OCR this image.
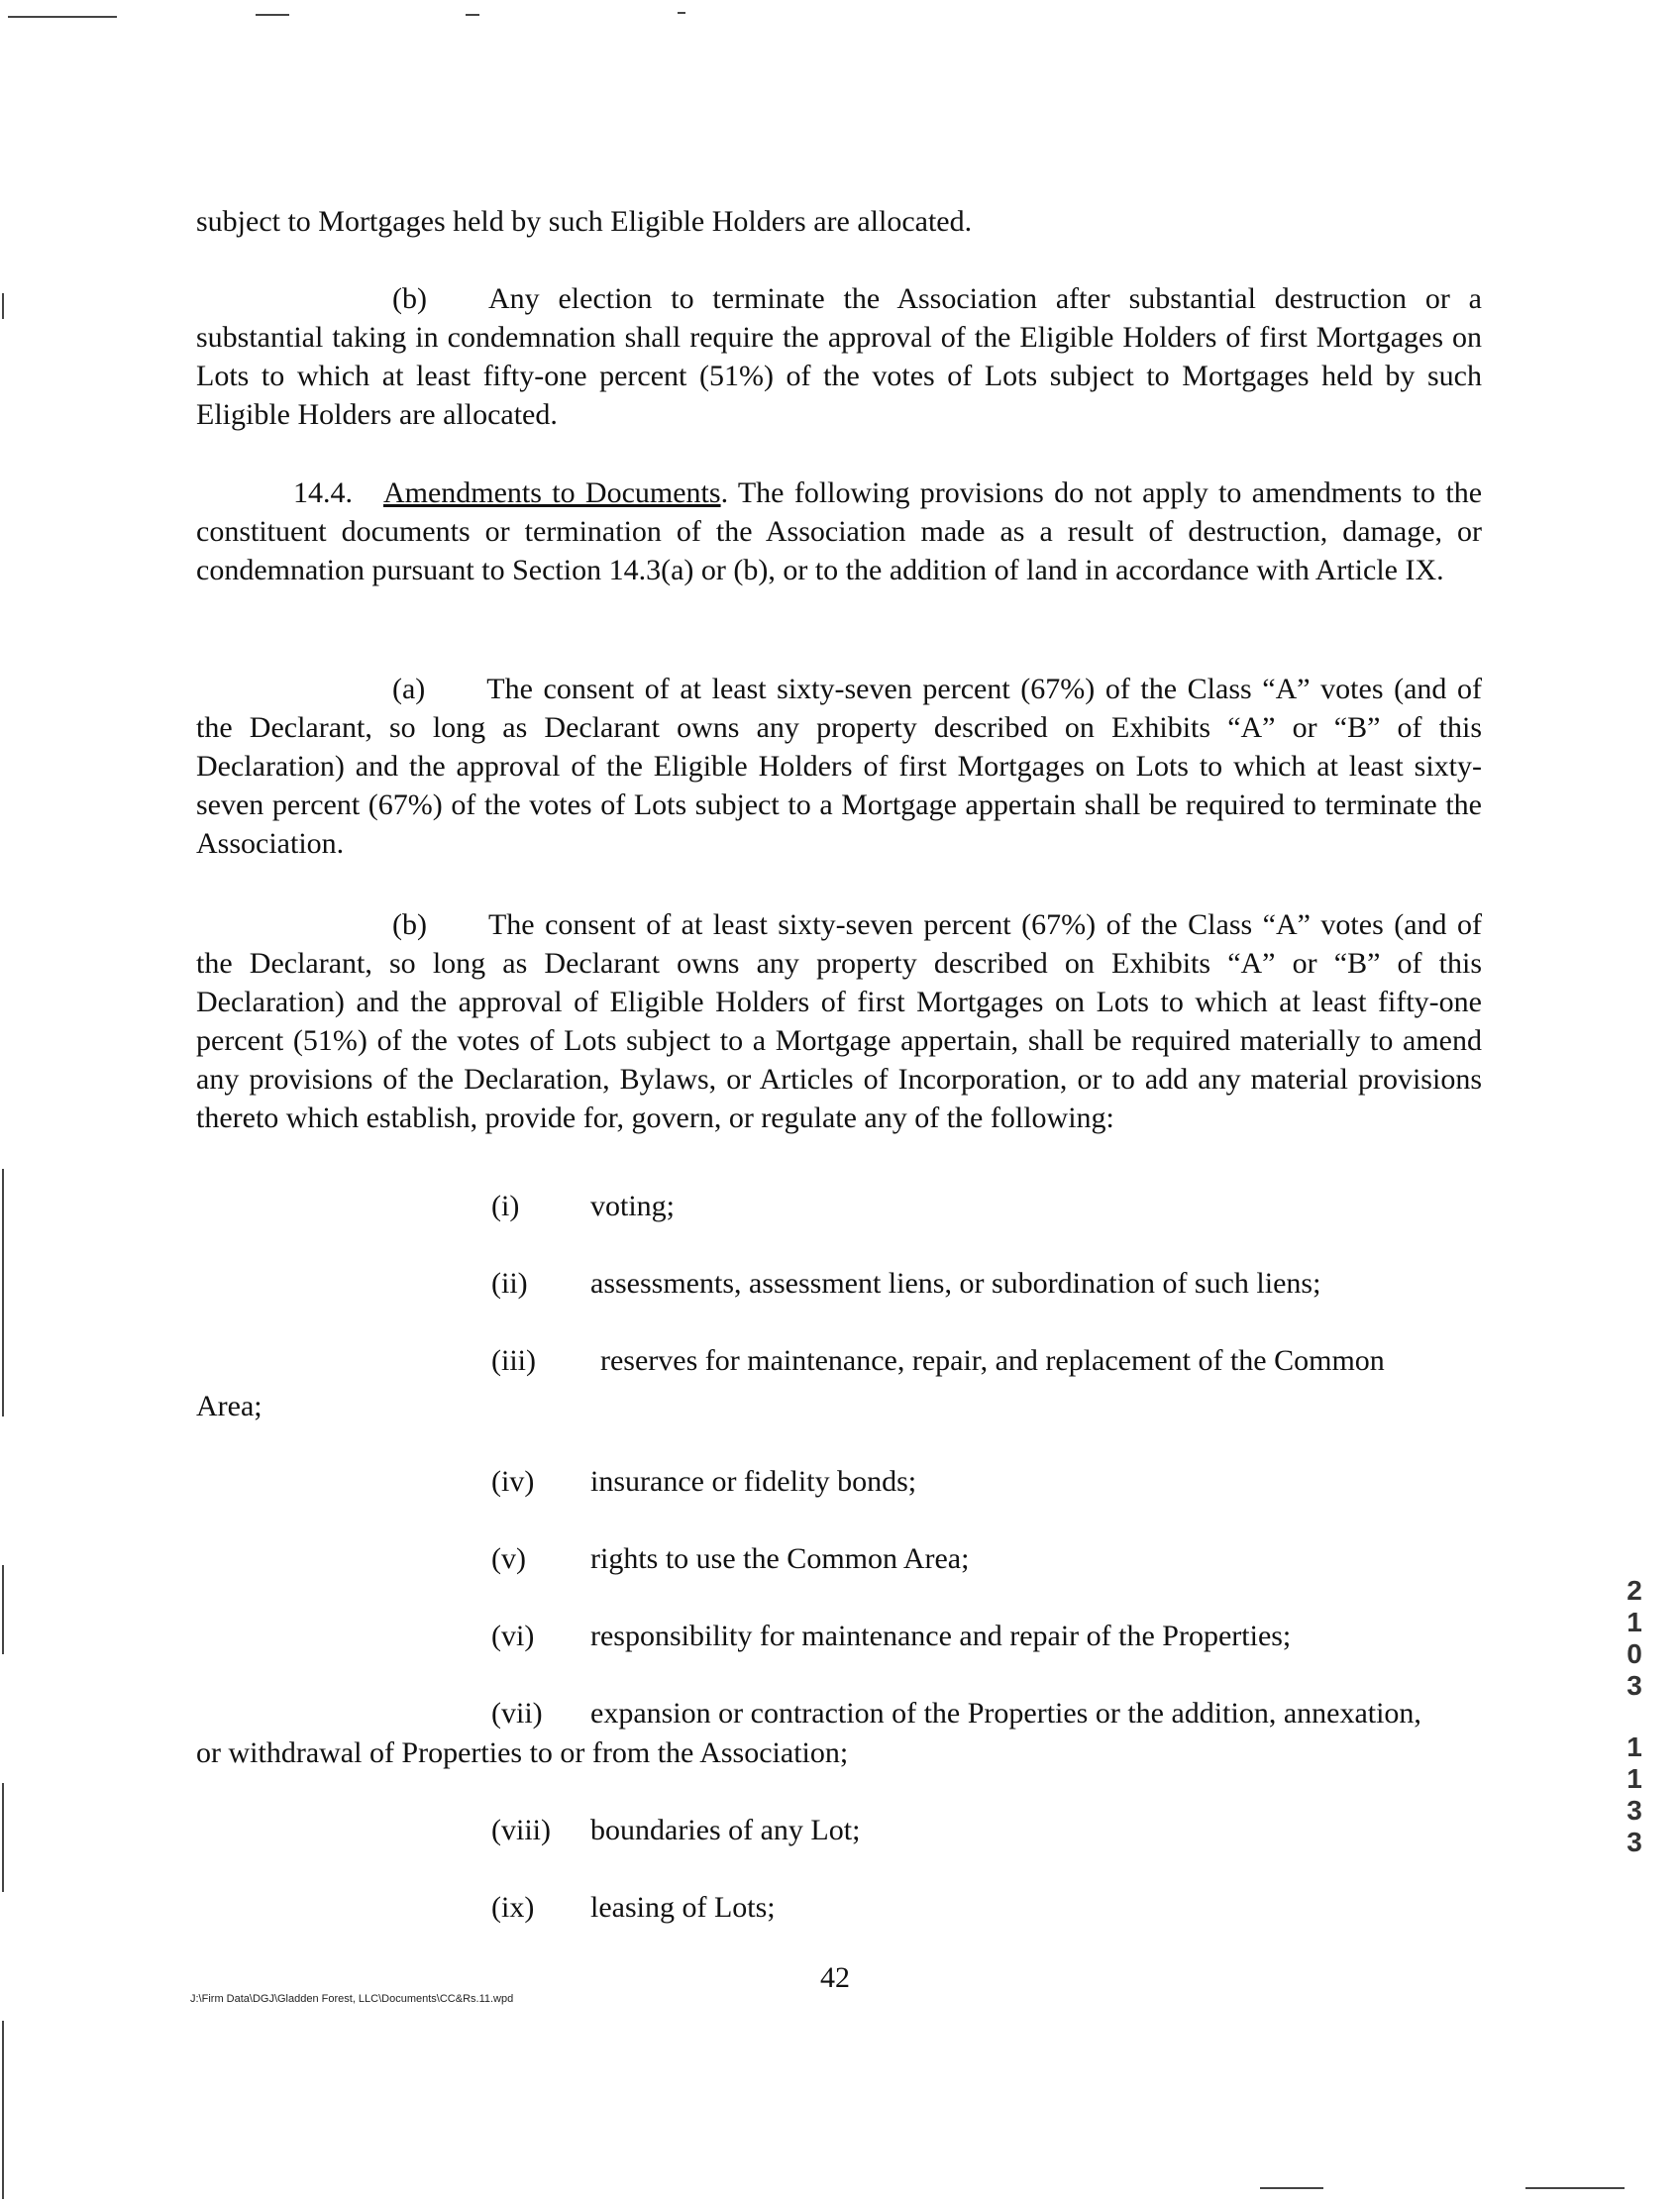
subject to Mortgages held by such Eligible Holders are allocated.

(b) Any election to terminate the Association after substantial destruction or a substantial taking in condemnation shall require the approval of the Eligible Holders of first Mortgages on Lots to which at least fifty-one percent (51%) of the votes of Lots subject to Mortgages held by such Eligible Holders are allocated.

14.4. Amendments to Documents. The following provisions do not apply to amendments to the constituent documents or termination of the Association made as a result of destruction, damage, or condemnation pursuant to Section 14.3(a) or (b), or to the addition of land in accordance with Article IX.

(a) The consent of at least sixty-seven percent (67%) of the Class “A” votes (and of the Declarant, so long as Declarant owns any property described on Exhibits “A” or “B” of this Declaration) and the approval of the Eligible Holders of first Mortgages on Lots to which at least sixty-seven percent (67%) of the votes of Lots subject to a Mortgage appertain shall be required to terminate the Association.

(b) The consent of at least sixty-seven percent (67%) of the Class “A” votes (and of the Declarant, so long as Declarant owns any property described on Exhibits “A” or “B” of this Declaration) and the approval of Eligible Holders of first Mortgages on Lots to which at least fifty-one percent (51%) of the votes of Lots subject to a Mortgage appertain, shall be required materially to amend any provisions of the Declaration, Bylaws, or Articles of Incorporation, or to add any material provisions thereto which establish, provide for, govern, or regulate any of the following:

(i) voting;
(ii) assessments, assessment liens, or subordination of such liens;
(iii) reserves for maintenance, repair, and replacement of the Common
Area;
(iv) insurance or fidelity bonds;
(v) rights to use the Common Area;
(vi) responsibility for maintenance and repair of the Properties;
(vii) expansion or contraction of the Properties or the addition, annexation,
or withdrawal of Properties to or from the Association;
(viii) boundaries of any Lot;
(ix) leasing of Lots;
J:\Firm Data\DGJ\Gladden Forest, LLC\Documents\CC&Rs.11.wpd
42
2
1
0
3
1
1
3
3
